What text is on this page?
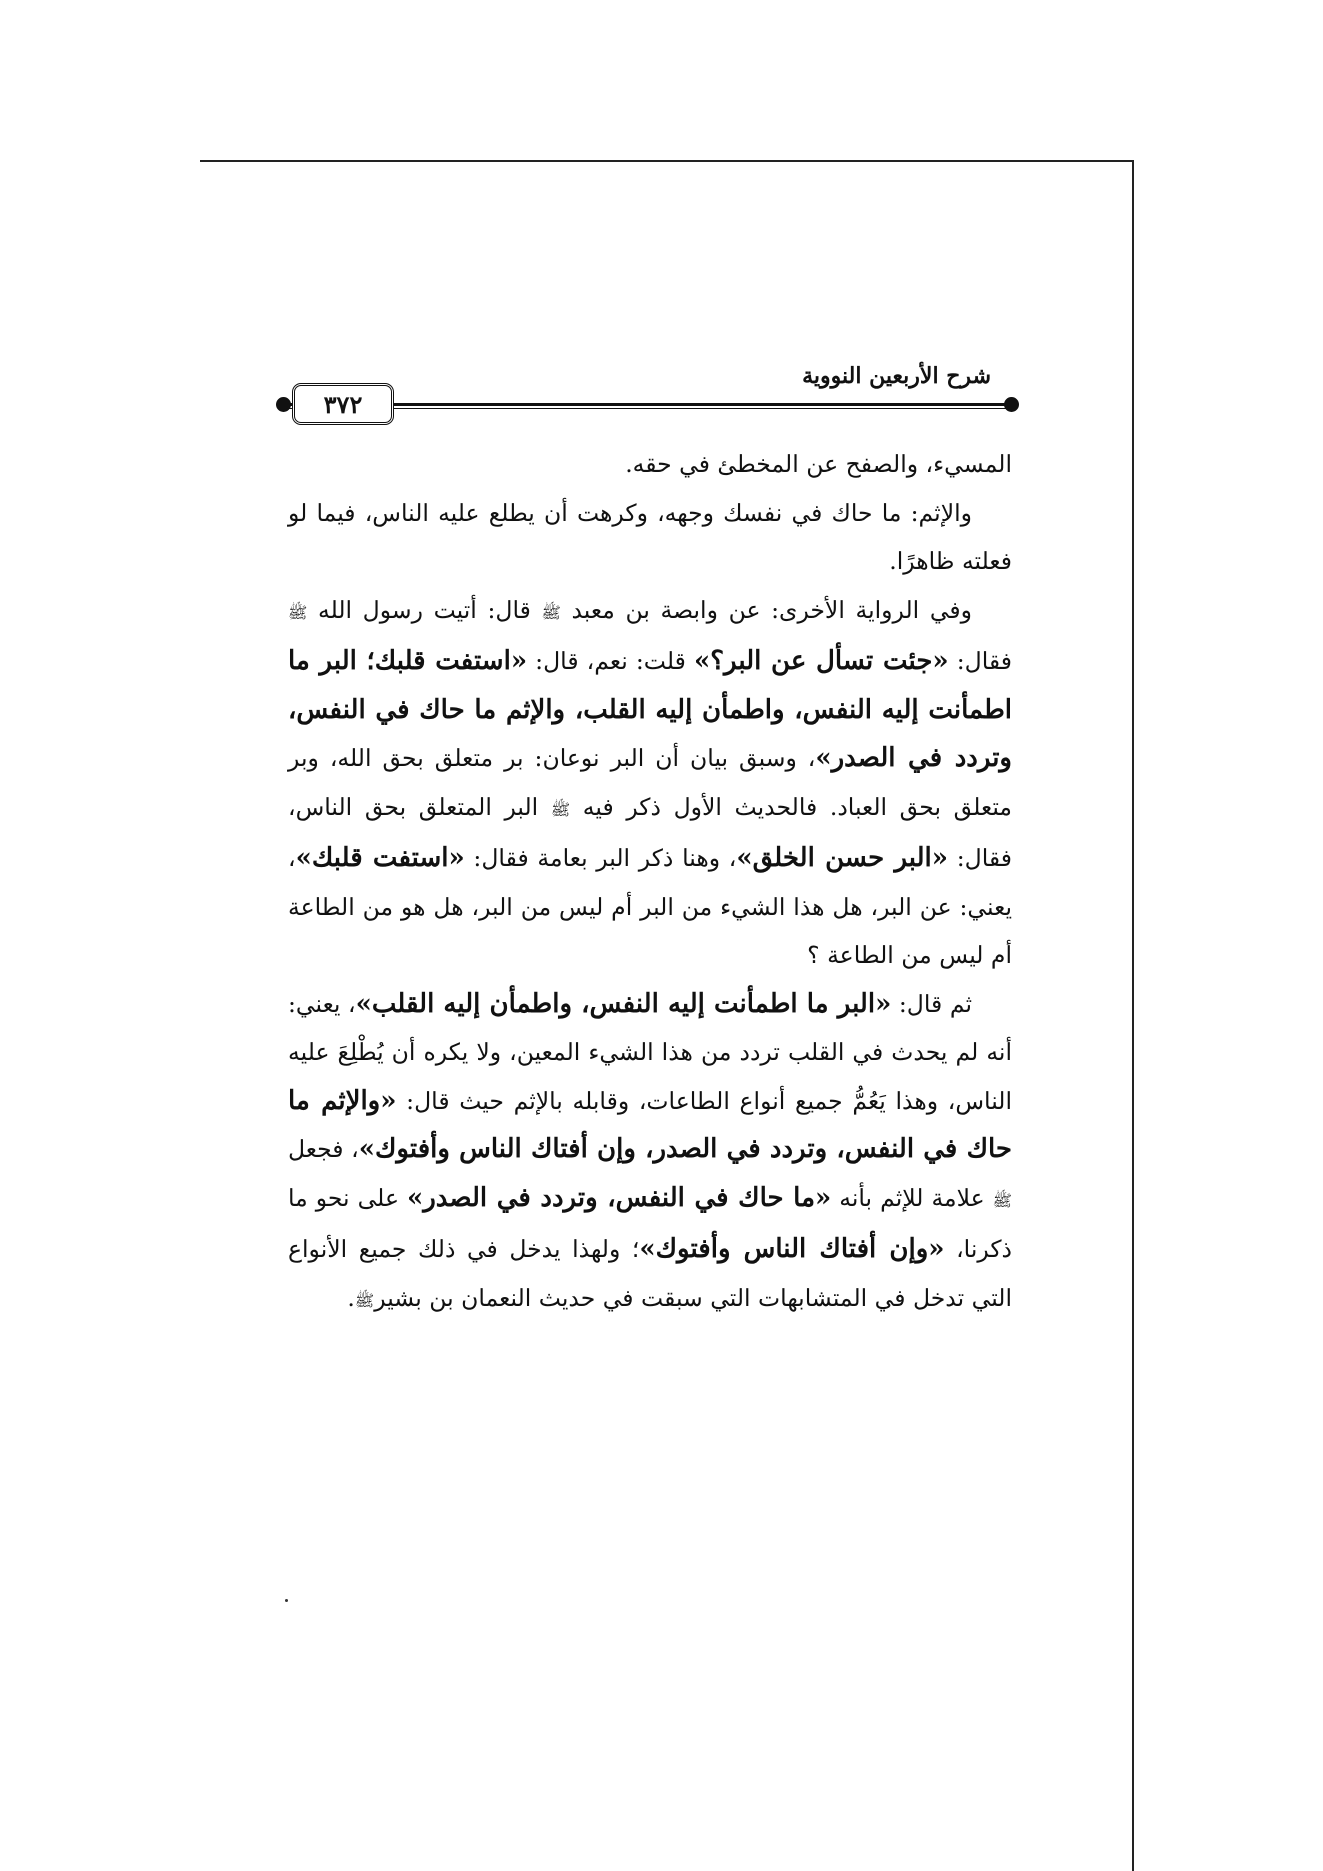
٣٧٢
شرح الأربعين النووية

المسيء، والصفح عن المخطئ في حقه.

والإثم: ما حاك في نفسك وجهه، وكرهت أن يطلع عليه الناس، فيما لو فعلته ظاهرًا.

وفي الرواية الأخرى: عن وابصة بن معبد ﷺ قال: أتيت رسول الله ﷺ فقال: «جئت تسأل عن البر؟» قلت: نعم، قال: «استفت قلبك؛ البر ما اطمأنت إليه النفس، واطمأن إليه القلب، والإثم ما حاك في النفس، وتردد في الصدر»، وسبق بيان أن البر نوعان: بر متعلق بحق الله، وبر متعلق بحق العباد. فالحديث الأول ذكر فيه ﷺ البر المتعلق بحق الناس، فقال: «البر حسن الخلق»، وهنا ذكر البر بعامة فقال: «استفت قلبك»، يعني: عن البر، هل هذا الشيء من البر أم ليس من البر، هل هو من الطاعة أم ليس من الطاعة ؟

ثم قال: «البر ما اطمأنت إليه النفس، واطمأن إليه القلب»، يعني: أنه لم يحدث في القلب تردد من هذا الشيء المعين، ولا يكره أن يُطْلِعَ عليه الناس، وهذا يَعُمُّ جميع أنواع الطاعات، وقابله بالإثم حيث قال: «والإثم ما حاك في النفس، وتردد في الصدر، وإن أفتاك الناس وأفتوك»، فجعل ﷺ علامة للإثم بأنه «ما حاك في النفس، وتردد في الصدر» على نحو ما ذكرنا، «وإن أفتاك الناس وأفتوك»؛ ولهذا يدخل في ذلك جميع الأنواع التي تدخل في المتشابهات التي سبقت في حديث النعمان بن بشيرﷺ.
